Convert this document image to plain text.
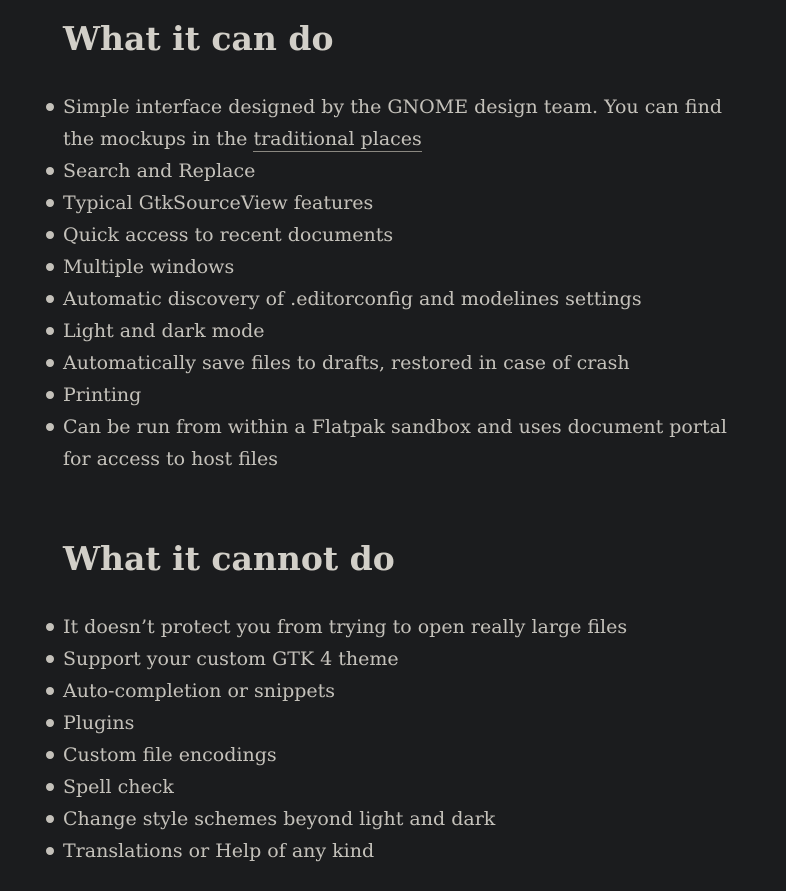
What it can do
Simple interface designed by the GNOME design team. You can find the mockups in the traditional places
Search and Replace
Typical GtkSourceView features
Quick access to recent documents
Multiple windows
Automatic discovery of .editorconfig and modelines settings
Light and dark mode
Automatically save files to drafts, restored in case of crash
Printing
Can be run from within a Flatpak sandbox and uses document portal for access to host files
What it cannot do
It doesn’t protect you from trying to open really large files
Support your custom GTK 4 theme
Auto-completion or snippets
Plugins
Custom file encodings
Spell check
Change style schemes beyond light and dark
Translations or Help of any kind
